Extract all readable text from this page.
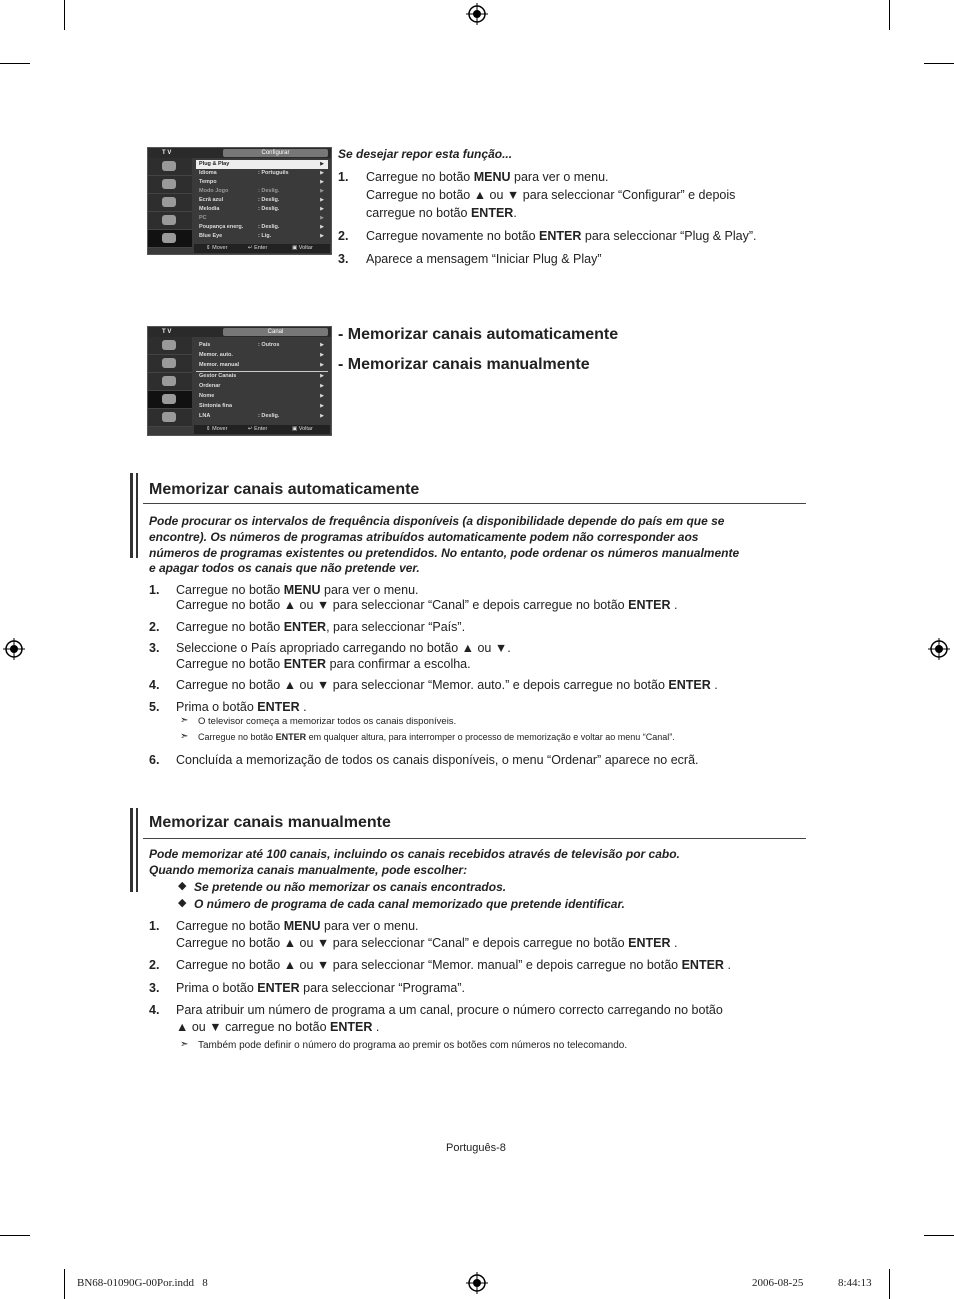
T V	Configurar
Plug & Play	▶
Idioma	: Português	▶
Tempo	▶
Modo Jogo	: Deslig.	▶
Ecrã azul	: Deslig.	▶
Melodia	: Deslig.	▶
PC	▶
Poupança energ.	: Deslig.	▶
Blue Eye	: Lig.	▶
⇕ Mover	↵ Enter	▣ Voltar
T V	Canal
País	: Outros	▶
Memor. auto.	▶
Memor. manual	▶
Gestor Canais	▶
Ordenar	▶
Nome	▶
Sintonia fina	▶
LNA	: Deslig.	▶
⇕ Mover	↵ Enter	▣ Voltar
Se desejar repor esta função...
1. Carregue no botão MENU para ver o menu.
Carregue no botão ▲ ou ▼ para seleccionar “Configurar” e depois
carregue no botão ENTER.
2. Carregue novamente no botão ENTER para seleccionar “Plug & Play”.
3. Aparece a mensagem “Iniciar Plug & Play”
- Memorizar canais automaticamente
- Memorizar canais manualmente
Memorizar canais automaticamente
Pode procurar os intervalos de frequência disponíveis (a disponibilidade depende do país em que se
encontre). Os números de programas atribuídos automaticamente podem não corresponder aos
números de programas existentes ou pretendidos. No entanto, pode ordenar os números manualmente
e apagar todos os canais que não pretende ver.
1. Carregue no botão MENU para ver o menu.
Carregue no botão ▲ ou ▼ para seleccionar “Canal” e depois carregue no botão ENTER .
2. Carregue no botão ENTER, para seleccionar “País”.
3. Seleccione o País apropriado carregando no botão ▲ ou ▼.
Carregue no botão ENTER para confirmar a escolha.
4. Carregue no botão ▲ ou ▼ para seleccionar “Memor. auto.” e depois carregue no botão ENTER .
5. Prima o botão ENTER .
➣ O televisor começa a memorizar todos os canais disponíveis.
➣ Carregue no botão ENTER em qualquer altura, para interromper o processo de memorização e voltar ao menu “Canal”.
6. Concluída a memorização de todos os canais disponíveis, o menu “Ordenar” aparece no ecrã.
Memorizar canais manualmente
Pode memorizar até 100 canais, incluindo os canais recebidos através de televisão por cabo.
Quando memoriza canais manualmente, pode escolher:
◆ Se pretende ou não memorizar os canais encontrados.
◆ O número de programa de cada canal memorizado que pretende identificar.
1. Carregue no botão MENU para ver o menu.
Carregue no botão ▲ ou ▼ para seleccionar “Canal” e depois carregue no botão ENTER .
2. Carregue no botão ▲ ou ▼ para seleccionar “Memor. manual” e depois carregue no botão ENTER .
3. Prima o botão ENTER para seleccionar “Programa”.
4. Para atribuir um número de programa a um canal, procure o número correcto carregando no botão
▲ ou ▼ carregue no botão ENTER .
➣ Também pode definir o número do programa ao premir os botões com números no telecomando.
Português-8
BN68-01090G-00Por.indd   8	2006-08-25	8:44:13
